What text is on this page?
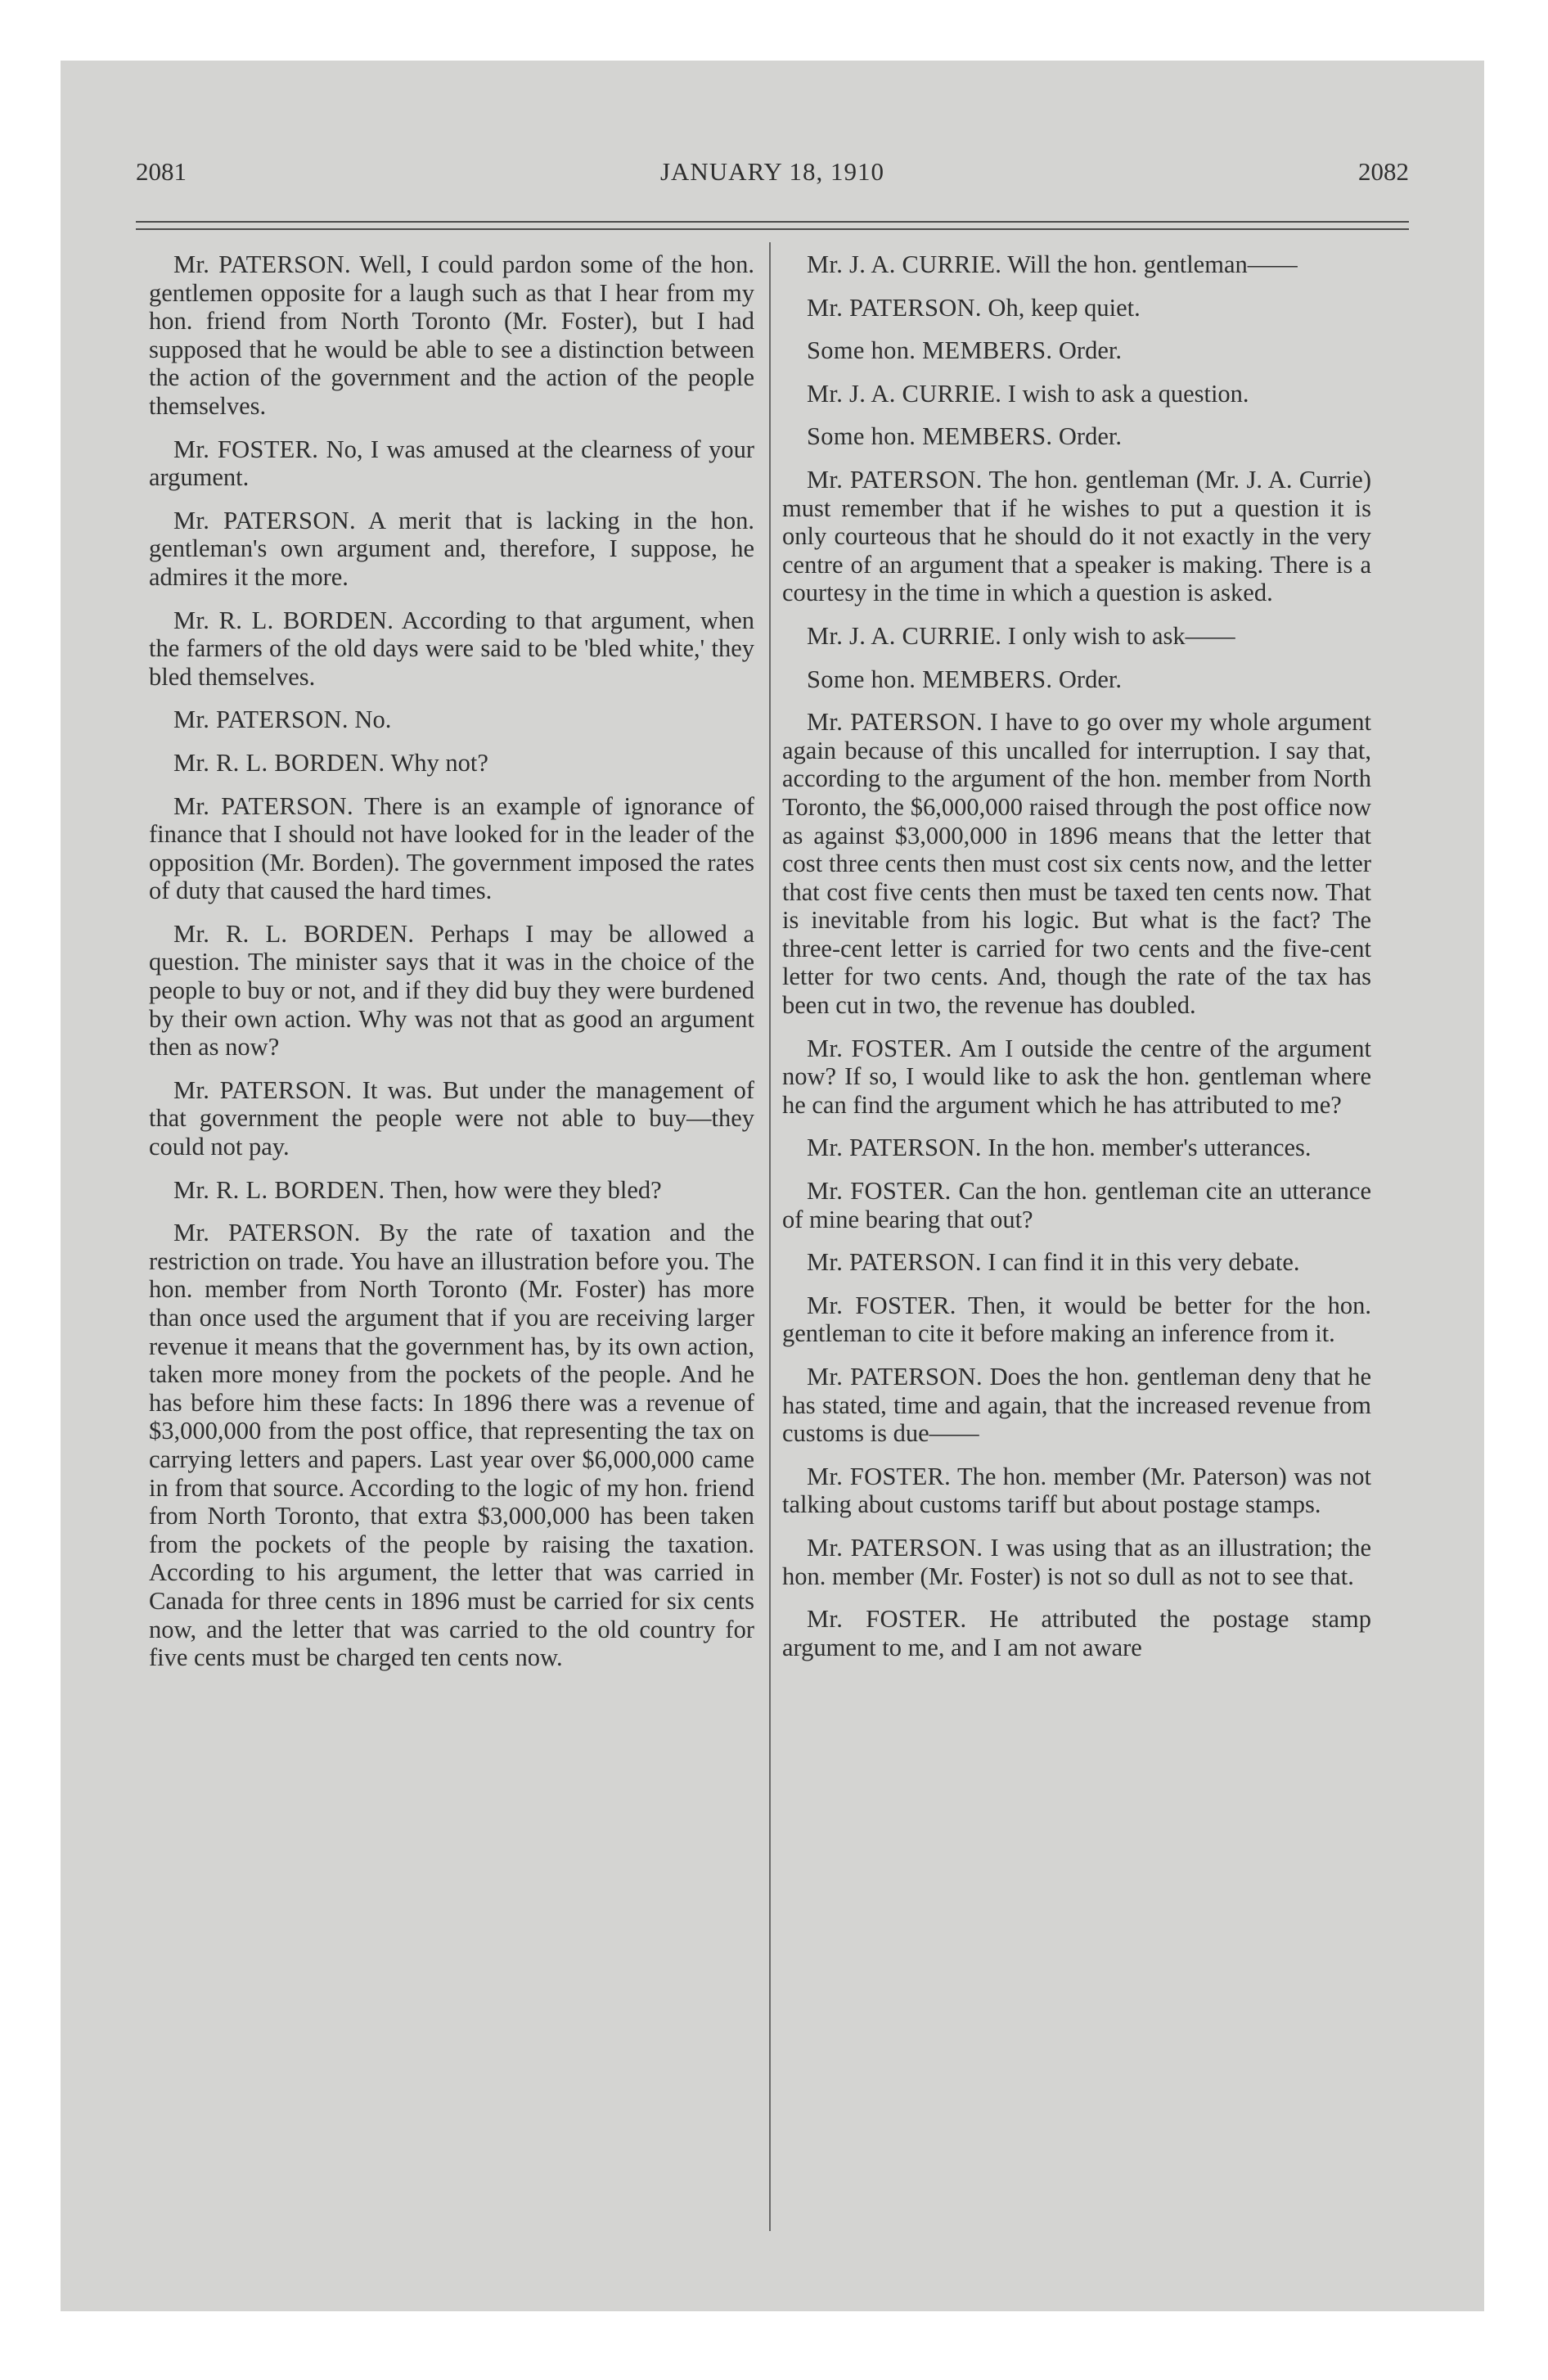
2081	JANUARY 18, 1910	2082

Mr. PATERSON. Well, I could pardon some of the hon. gentlemen opposite for a laugh such as that I hear from my hon. friend from North Toronto (Mr. Foster), but I had supposed that he would be able to see a distinction between the action of the government and the action of the people themselves.

Mr. FOSTER. No, I was amused at the clearness of your argument.

Mr. PATERSON. A merit that is lacking in the hon. gentleman's own argument and, therefore, I suppose, he admires it the more.

Mr. R. L. BORDEN. According to that argument, when the farmers of the old days were said to be 'bled white,' they bled themselves.

Mr. PATERSON. No.

Mr. R. L. BORDEN. Why not?

Mr. PATERSON. There is an example of ignorance of finance that I should not have looked for in the leader of the opposition (Mr. Borden). The government imposed the rates of duty that caused the hard times.

Mr. R. L. BORDEN. Perhaps I may be allowed a question. The minister says that it was in the choice of the people to buy or not, and if they did buy they were burdened by their own action. Why was not that as good an argument then as now?

Mr. PATERSON. It was. But under the management of that government the people were not able to buy—they could not pay.

Mr. R. L. BORDEN. Then, how were they bled?

Mr. PATERSON. By the rate of taxation and the restriction on trade. You have an illustration before you. The hon. member from North Toronto (Mr. Foster) has more than once used the argument that if you are receiving larger revenue it means that the government has, by its own action, taken more money from the pockets of the people. And he has before him these facts: In 1896 there was a revenue of $3,000,000 from the post office, that representing the tax on carrying letters and papers. Last year over $6,000,000 came in from that source. According to the logic of my hon. friend from North Toronto, that extra $3,000,000 has been taken from the pockets of the people by raising the taxation. According to his argument, the letter that was carried in Canada for three cents in 1896 must be carried for six cents now, and the letter that was carried to the old country for five cents must be charged ten cents now.

Mr. J. A. CURRIE. Will the hon. gentleman——

Mr. PATERSON. Oh, keep quiet.

Some hon. MEMBERS. Order.

Mr. J. A. CURRIE. I wish to ask a question.

Some hon. MEMBERS. Order.

Mr. PATERSON. The hon. gentleman (Mr. J. A. Currie) must remember that if he wishes to put a question it is only courteous that he should do it not exactly in the very centre of an argument that a speaker is making. There is a courtesy in the time in which a question is asked.

Mr. J. A. CURRIE. I only wish to ask——

Some hon. MEMBERS. Order.

Mr. PATERSON. I have to go over my whole argument again because of this uncalled for interruption. I say that, according to the argument of the hon. member from North Toronto, the $6,000,000 raised through the post office now as against $3,000,000 in 1896 means that the letter that cost three cents then must cost six cents now, and the letter that cost five cents then must be taxed ten cents now. That is inevitable from his logic. But what is the fact? The three-cent letter is carried for two cents and the five-cent letter for two cents. And, though the rate of the tax has been cut in two, the revenue has doubled.

Mr. FOSTER. Am I outside the centre of the argument now? If so, I would like to ask the hon. gentleman where he can find the argument which he has attributed to me?

Mr. PATERSON. In the hon. member's utterances.

Mr. FOSTER. Can the hon. gentleman cite an utterance of mine bearing that out?

Mr. PATERSON. I can find it in this very debate.

Mr. FOSTER. Then, it would be better for the hon. gentleman to cite it before making an inference from it.

Mr. PATERSON. Does the hon. gentleman deny that he has stated, time and again, that the increased revenue from customs is due——

Mr. FOSTER. The hon. member (Mr. Paterson) was not talking about customs tariff but about postage stamps.

Mr. PATERSON. I was using that as an illustration; the hon. member (Mr. Foster) is not so dull as not to see that.

Mr. FOSTER. He attributed the postage stamp argument to me, and I am not aware
